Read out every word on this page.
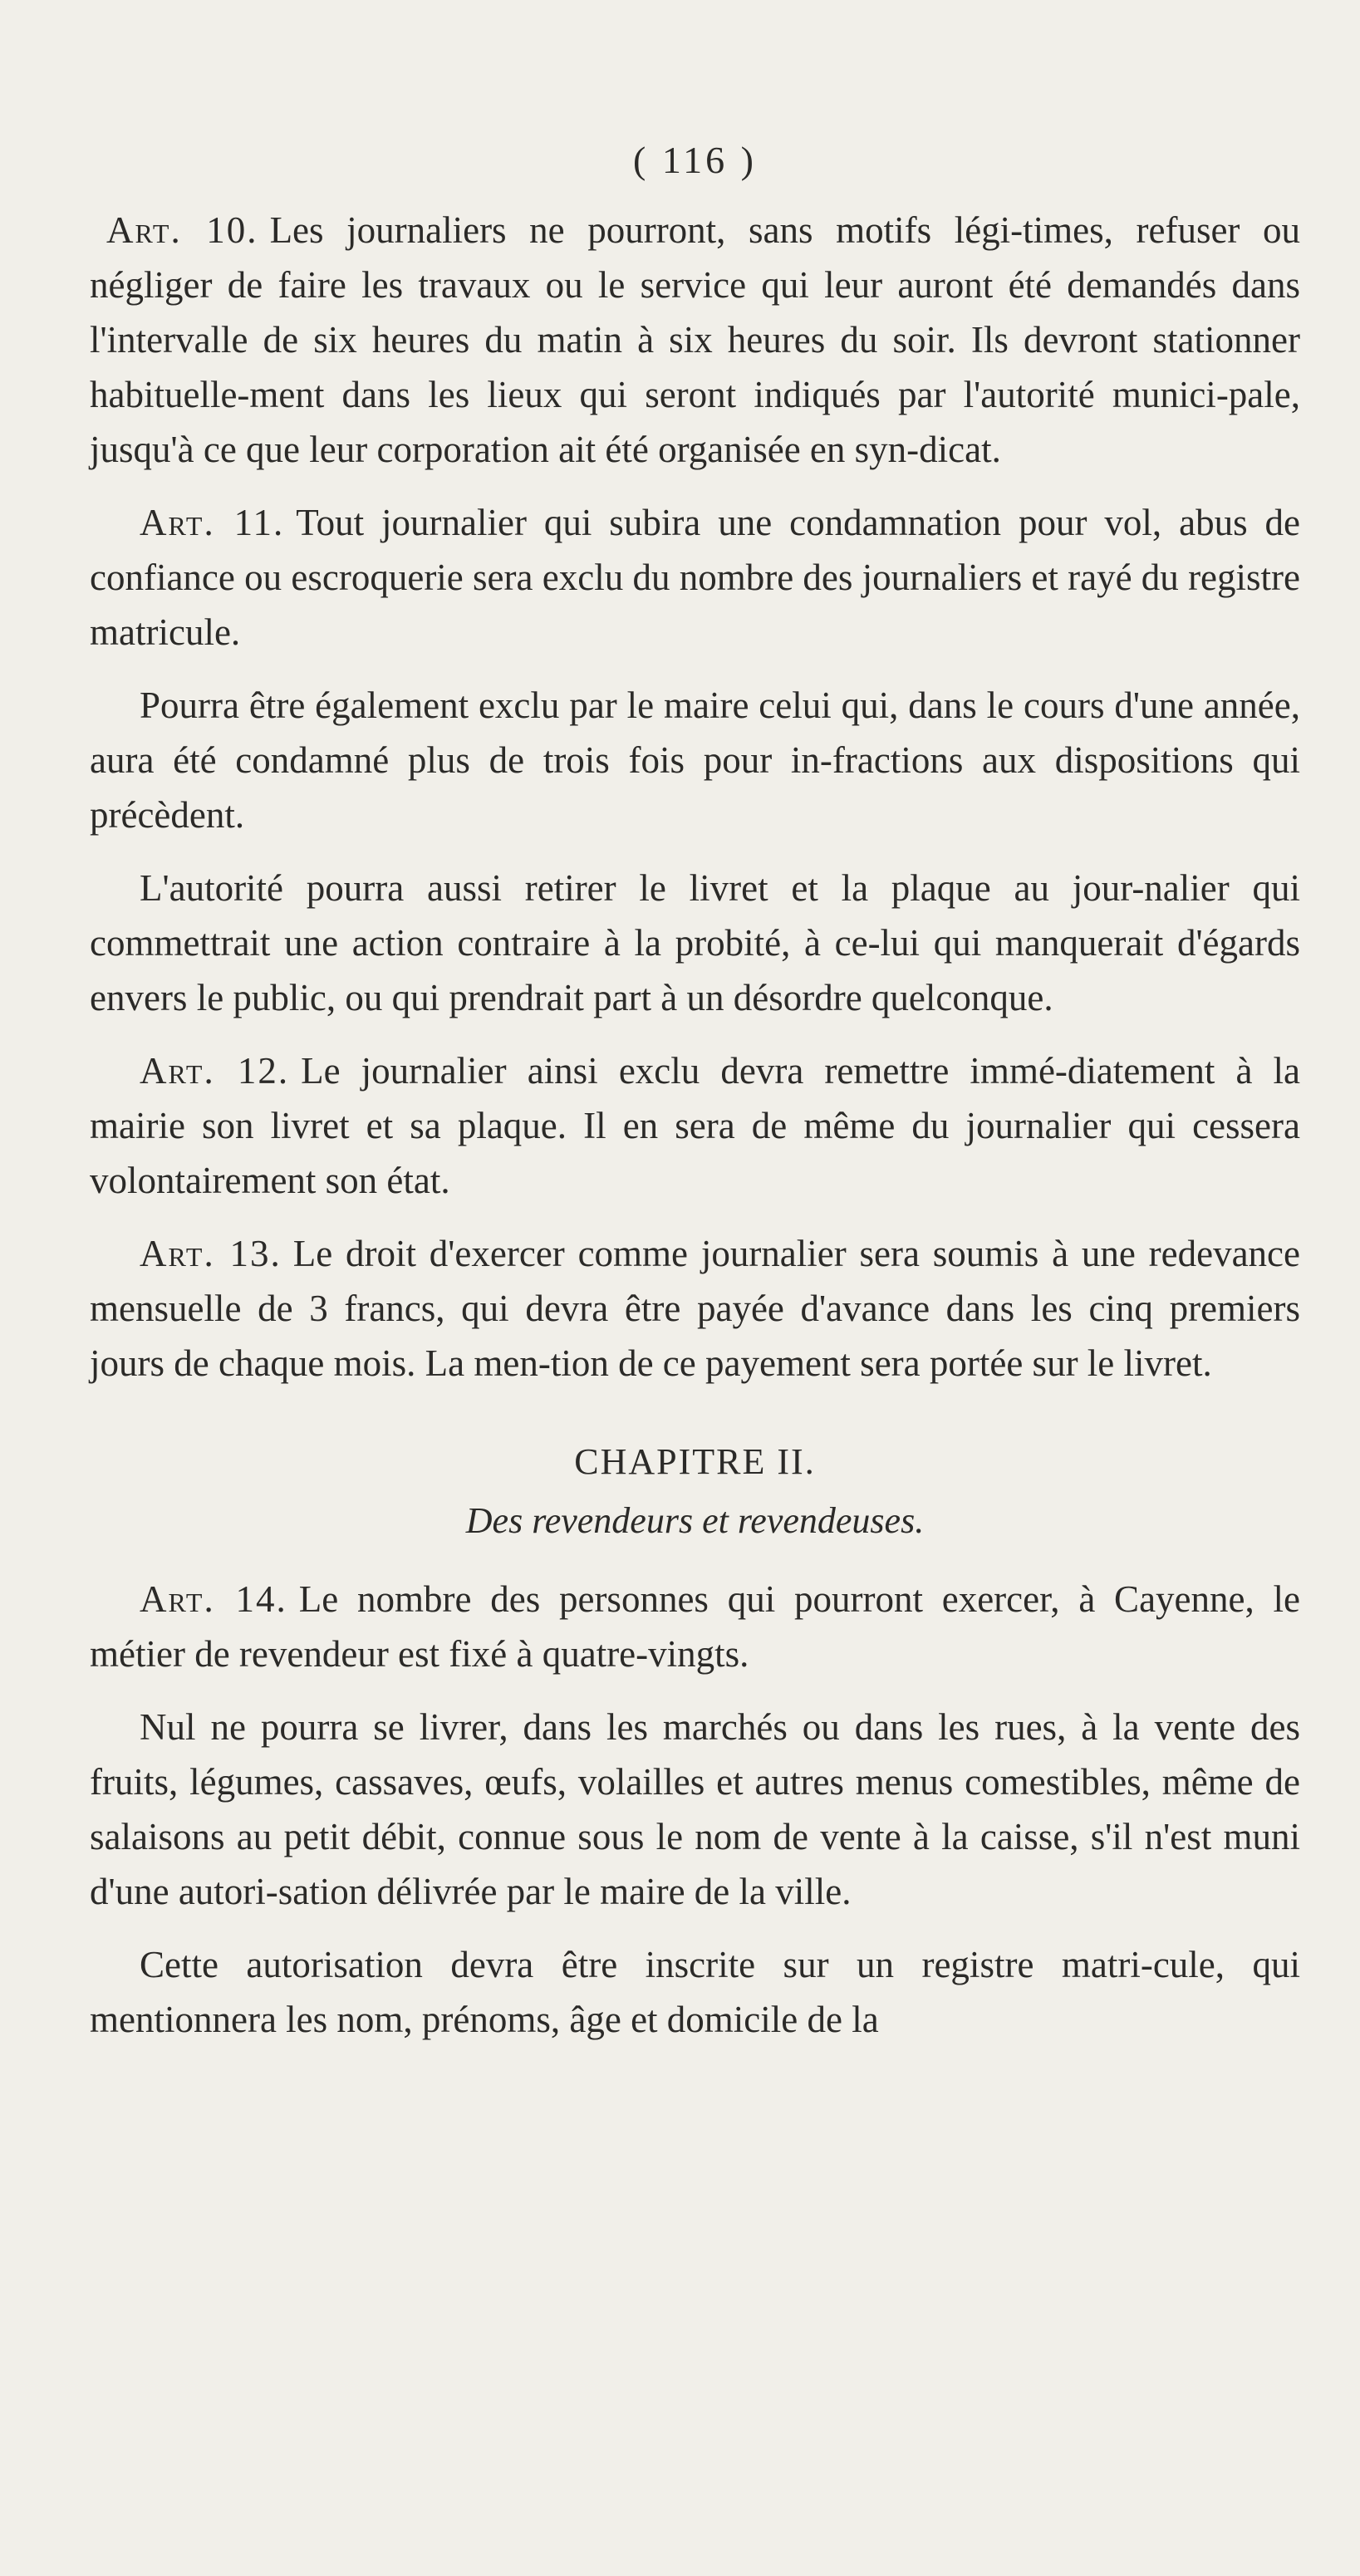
( 116 )

Art. 10. Les journaliers ne pourront, sans motifs légi-times, refuser ou négliger de faire les travaux ou le service qui leur auront été demandés dans l'intervalle de six heures du matin à six heures du soir. Ils devront stationner habituelle-ment dans les lieux qui seront indiqués par l'autorité munici-pale, jusqu'à ce que leur corporation ait été organisée en syn-dicat.

Art. 11. Tout journalier qui subira une condamnation pour vol, abus de confiance ou escroquerie sera exclu du nombre des journaliers et rayé du registre matricule.

Pourra être également exclu par le maire celui qui, dans le cours d'une année, aura été condamné plus de trois fois pour in-fractions aux dispositions qui précèdent.

L'autorité pourra aussi retirer le livret et la plaque au jour-nalier qui commettrait une action contraire à la probité, à ce-lui qui manquerait d'égards envers le public, ou qui prendrait part à un désordre quelconque.

Art. 12. Le journalier ainsi exclu devra remettre immé-diatement à la mairie son livret et sa plaque. Il en sera de même du journalier qui cessera volontairement son état.

Art. 13. Le droit d'exercer comme journalier sera soumis à une redevance mensuelle de 3 francs, qui devra être payée d'avance dans les cinq premiers jours de chaque mois. La men-tion de ce payement sera portée sur le livret.

CHAPITRE II.
Des revendeurs et revendeuses.

Art. 14. Le nombre des personnes qui pourront exercer, à Cayenne, le métier de revendeur est fixé à quatre-vingts.

Nul ne pourra se livrer, dans les marchés ou dans les rues, à la vente des fruits, légumes, cassaves, œufs, volailles et autres menus comestibles, même de salaisons au petit débit, connue sous le nom de vente à la caisse, s'il n'est muni d'une autori-sation délivrée par le maire de la ville.

Cette autorisation devra être inscrite sur un registre matri-cule, qui mentionnera les nom, prénoms, âge et domicile de la
